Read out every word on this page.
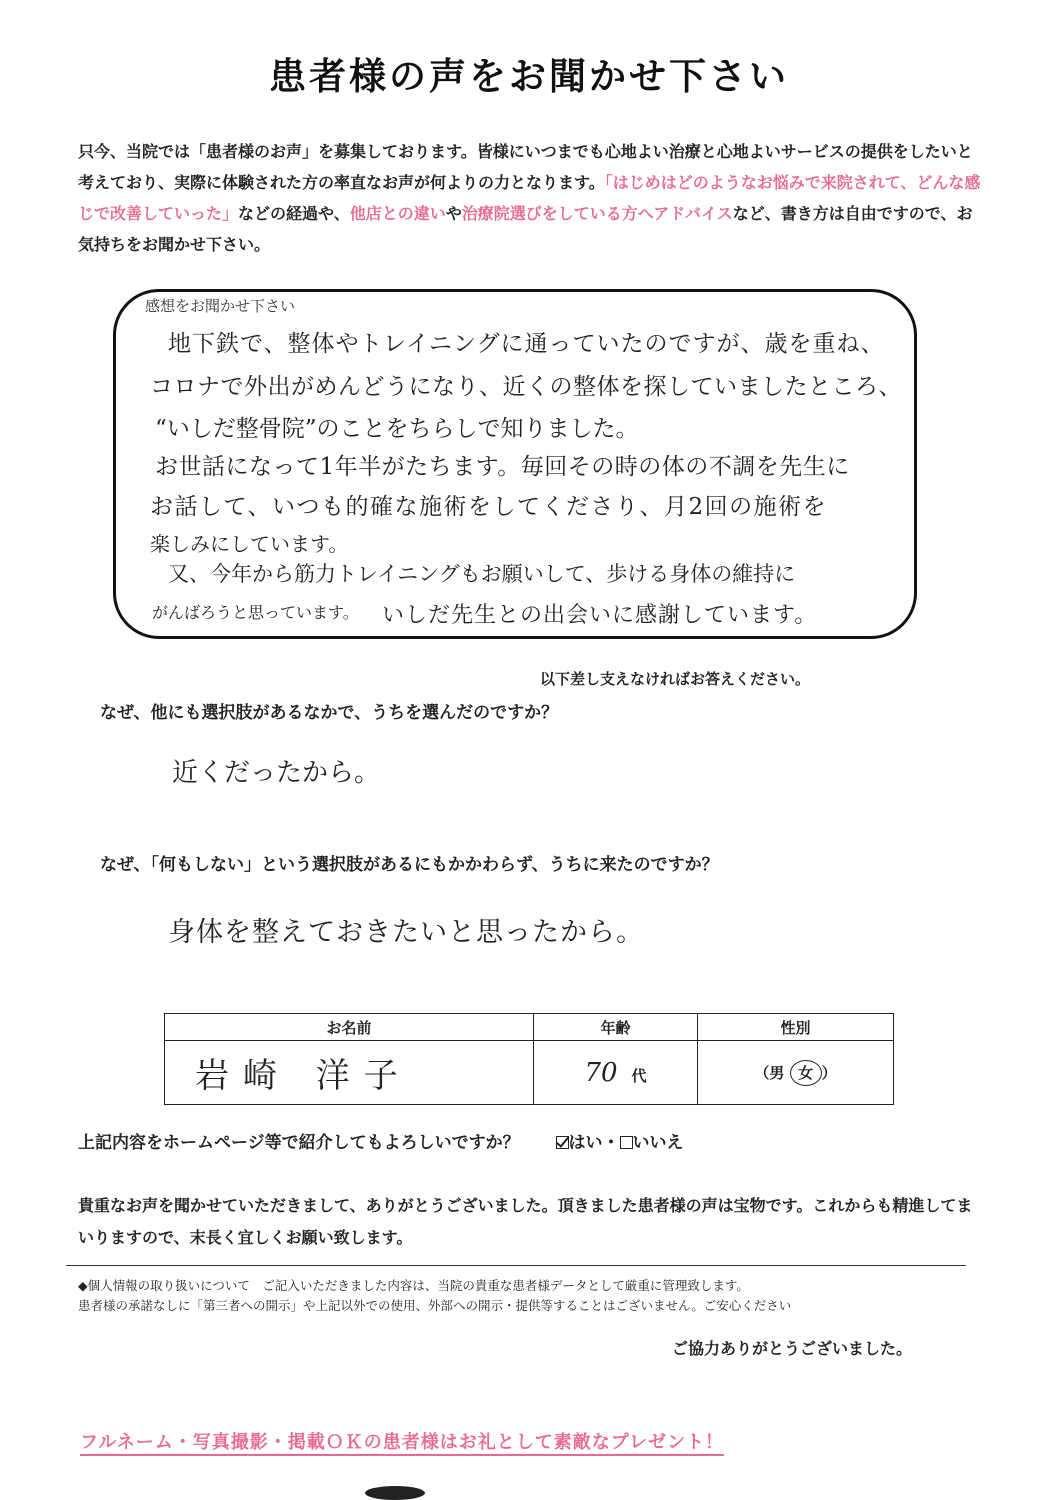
患者様の声をお聞かせ下さい
只今、当院では「患者様のお声」を募集しております。皆様にいつまでも心地よい治療と心地よいサービスの提供をしたいと考えており、実際に体験された方の率直なお声が何よりの力となります。「はじめはどのようなお悩みで来院されて、どんな感じで改善していった」などの経過や、他店との違いや治療院選びをしている方へアドバイスなど、書き方は自由ですので、お気持ちをお聞かせ下さい。
感想をお聞かせ下さい
地下鉄で、整体やトレイニングに通っていたのですが、歳を重ね、
コロナで外出がめんどうになり、近くの整体を探していましたところ、
“いしだ整骨院”のことをちらしで知りました。
お世話になって1年半がたちます。毎回その時の体の不調を先生に
お話して、いつも的確な施術をしてくださり、月2回の施術を
楽しみにしています。
又、今年から筋力トレイニングもお願いして、歩ける身体の維持に
がんばろうと思っています。 いしだ先生との出会いに感謝しています。
以下差し支えなければお答えください。
なぜ、他にも選択肢があるなかで、うちを選んだのですか？
近くだったから。
なぜ、「何もしない」という選択肢があるにもかかわらず、うちに来たのですか？
身体を整えておきたいと思ったから。
お名前	年齢	性別
岩崎 洋子	70 代	（男 女 ）
上記内容をホームページ等で紹介してもよろしいですか？	はい・ いいえ
貴重なお声を聞かせていただきまして、ありがとうございました。頂きました患者様の声は宝物です。これからも精進してまいりますので、末長く宜しくお願い致します。
◆個人情報の取り扱いについて　ご記入いただきました内容は、当院の貴重な患者様データとして厳重に管理致します。
患者様の承諾なしに「第三者への開示」や上記以外での使用、外部への開示・提供等することはございません。ご安心ください
ご協力ありがとうございました。
フルネーム・写真撮影・掲載ＯＫの患者様はお礼として素敵なプレゼント！
